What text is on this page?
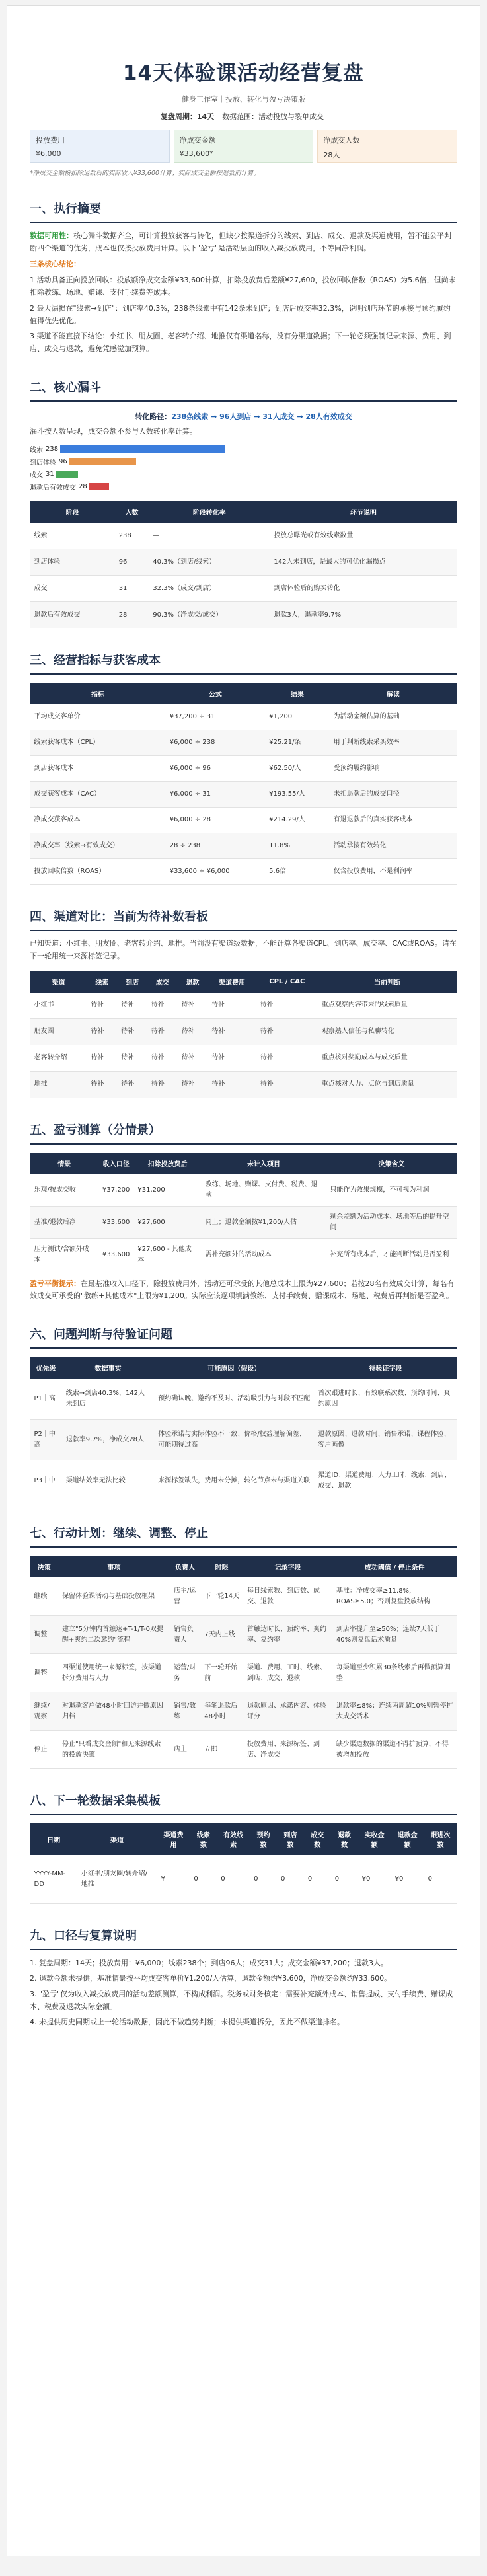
14天体验课活动经营复盘
健身工作室｜投放、转化与盈亏决策版
复盘周期：14天 数据范围：活动投放与裂单成交
投放费用
¥6,000
净成交金额
¥33,600*
净成交人数
28人
*净成交金额按扣除退款后的实际收入¥33,600计算；实际成交金额按退款前计算。
一、执行摘要

数据可用性：核心漏斗数据齐全，可计算投放获客与转化，但缺少按渠道拆分的线索、到店、成交、退款及渠道费用，暂不能公平判断四个渠道的优劣，成本也仅按投放费用计算。以下"盈亏"是活动层面的收入减投放费用，不等同净利润。

三条核心结论：

1 活动具备正向投放回收：投放额净成交金额¥33,600计算，扣除投放费后差额¥27,600，投放回收倍数（ROAS）为5.6倍，但尚未扣除教练、场地、赠课、支付手续费等成本。
2 最大漏损在"线索→到店"：到店率40.3%，238条线索中有142条未到店；到店后成交率32.3%，说明到店环节的承接与预约履约值得优先优化。
3 渠道不能直接下结论：小红书、朋友圈、老客转介绍、地推仅有渠道名称，没有分渠道数据；下一轮必须强制记录来源、费用、到店、成交与退款，避免凭感觉加预算。
二、核心漏斗
转化路径：238条线索 → 96人到店 → 31人成交 → 28人有效成交

漏斗按人数呈现，成交金额不参与人数转化率计算。

线索 238
到店体验 96
成交 31
退款后有效成交 28
阶段	人数	阶段转化率	环节说明
线索	238	—	投放总曝光或有效线索数量
到店体验	96	40.3%（到店/线索）	142人未到店，是最大的可优化漏损点
成交	31	32.3%（成交/到店）	到店体验后的购买转化
退款后有效成交	28	90.3%（净成交/成交）	退款3人，退款率9.7%
三、经营指标与获客成本
指标	公式	结果	解读
平均成交客单价	¥37,200 ÷ 31	¥1,200	为活动金额估算的基础
线索获客成本（CPL）	¥6,000 ÷ 238	¥25.21/条	用于判断线索采买效率
到店获客成本	¥6,000 ÷ 96	¥62.50/人	受预约履约影响
成交获客成本（CAC）	¥6,000 ÷ 31	¥193.55/人	未扣退款后的成交口径
净成交获客成本	¥6,000 ÷ 28	¥214.29/人	有退退款后的真实获客成本
净成交率（线索→有效成交）	28 ÷ 238	11.8%	活动承接有效转化
投放回收倍数（ROAS）	¥33,600 ÷ ¥6,000	5.6倍	仅含投放费用，不是利润率
四、渠道对比：当前为待补数看板

已知渠道：小红书、朋友圈、老客转介绍、地推。当前没有渠道级数据，不能计算各渠道CPL、到店率、成交率、CAC或ROAS。请在下一轮用统一来源标签记录。

渠道	线索	到店	成交	退款	渠道费用	CPL / CAC	当前判断
小红书	待补	待补	待补	待补	待补	待补	重点观察内容带来的线索质量
朋友圈	待补	待补	待补	待补	待补	待补	观察熟人信任与私聊转化
老客转介绍	待补	待补	待补	待补	待补	待补	重点核对奖励成本与成交质量
地推	待补	待补	待补	待补	待补	待补	重点核对人力、点位与到店质量
五、盈亏测算（分情景）
情景	收入口径	扣除投放费后	未计入项目	决策含义
乐观/按成交收	¥37,200	¥31,200	教练、场地、赠课、支付费、税费、退款	只能作为效果规模，不可视为利润
基准/退款后净	¥33,600	¥27,600	同上；退款金额按¥1,200/人估	剩余差额为活动成本、场地等后的提升空间
压力测试/含额外成本	¥33,600	¥27,600 - 其他成本	需补充额外的活动成本	补充所有成本后，才能判断活动是否盈利

盈亏平衡提示：在最基准收入口径下，除投放费用外，活动还可承受的其他总成本上限为¥27,600；若按28名有效成交计算，每名有效成交可承受的"教练+其他成本"上限为¥1,200。实际应该逐项填满教练、支付手续费、赠课成本、场地、税费后再判断是否盈利。

六、问题判断与待验证问题
优先级	数据事实	可能原因（假设）	待验证字段
P1｜高	线索→到店40.3%，142人未到店	预约确认晚、邀约不及时、活动吸引力与时段不匹配	首次跟进时长、有效联系次数、预约时间、爽约原因
P2｜中高	退款率9.7%，净成交28人	体验承诺与实际体验不一致、价格/权益理解偏差、可能期待过高	退款原因、退款时间、销售承诺、课程体验、客户画像
P3｜中	渠道结效率无法比较	来源标签缺失，费用未分摊，转化节点未与渠道关联	渠道ID、渠道费用、人力工时、线索、到店、成交、退款
七、行动计划：继续、调整、停止
决策	事项	负责人	时限	记录字段	成功阈值 / 停止条件
继续	保留体验课活动与基础投放框架	店主/运营	下一轮14天	每日线索数、到店数、成交、退款	基准：净成交率≥11.8%，ROAS≥5.0；否则复盘投放结构
调整	建立"5分钟内首触达+T-1/T-0双提醒+爽约二次邀约"流程	销售负责人	7天内上线	首触达时长、预约率、爽约率、复约率	到店率提升至≥50%；连续7天低于40%则复盘话术质量
调整	四渠道使用统一来源标签，按渠道拆分费用与人力	运营/财务	下一轮开始前	渠道、费用、工时、线索、到店、成交、退款	每渠道至少积累30条线索后再做预算调整
继续/观察	对退款客户做48小时回访并做原因归档	销售/教练	每笔退款后48小时	退款原因、承诺内容、体验评分	退款率≤8%；连续两周超10%则暂停扩大成交话术
停止	停止"只看成交金额"和无来源线索的投放决策	店主	立即	投放费用、来源标签、到店、净成交	缺少渠道数据的渠道不得扩预算，不得被增加投放
八、下一轮数据采集模板
日期	渠道	渠道费用	线索数	有效线索	预约数	到店数	成交数	退款数	实收金额	退款金额	跟进次数
YYYY-MM-DD	小红书/朋友圈/转介绍/地推	¥	0	0	0	0	0	0	¥0	¥0	0
九、口径与复算说明
1. 复盘周期：14天；投放费用：¥6,000；线索238个；到店96人；成交31人；成交金额¥37,200；退款3人。
2. 退款金额未提供，基准情景按平均成交客单价¥1,200/人估算，退款金额约¥3,600，净成交金额约¥33,600。
3. "盈亏"仅为收入减投放费用的活动差额测算，不构成利润。税务或财务核定：需要补充额外成本、销售提成、支付手续费、赠课成本、税费及退款实际金额。
4. 未提供历史同期或上一轮活动数据，因此不做趋势判断；未提供渠道拆分，因此不做渠道排名。
